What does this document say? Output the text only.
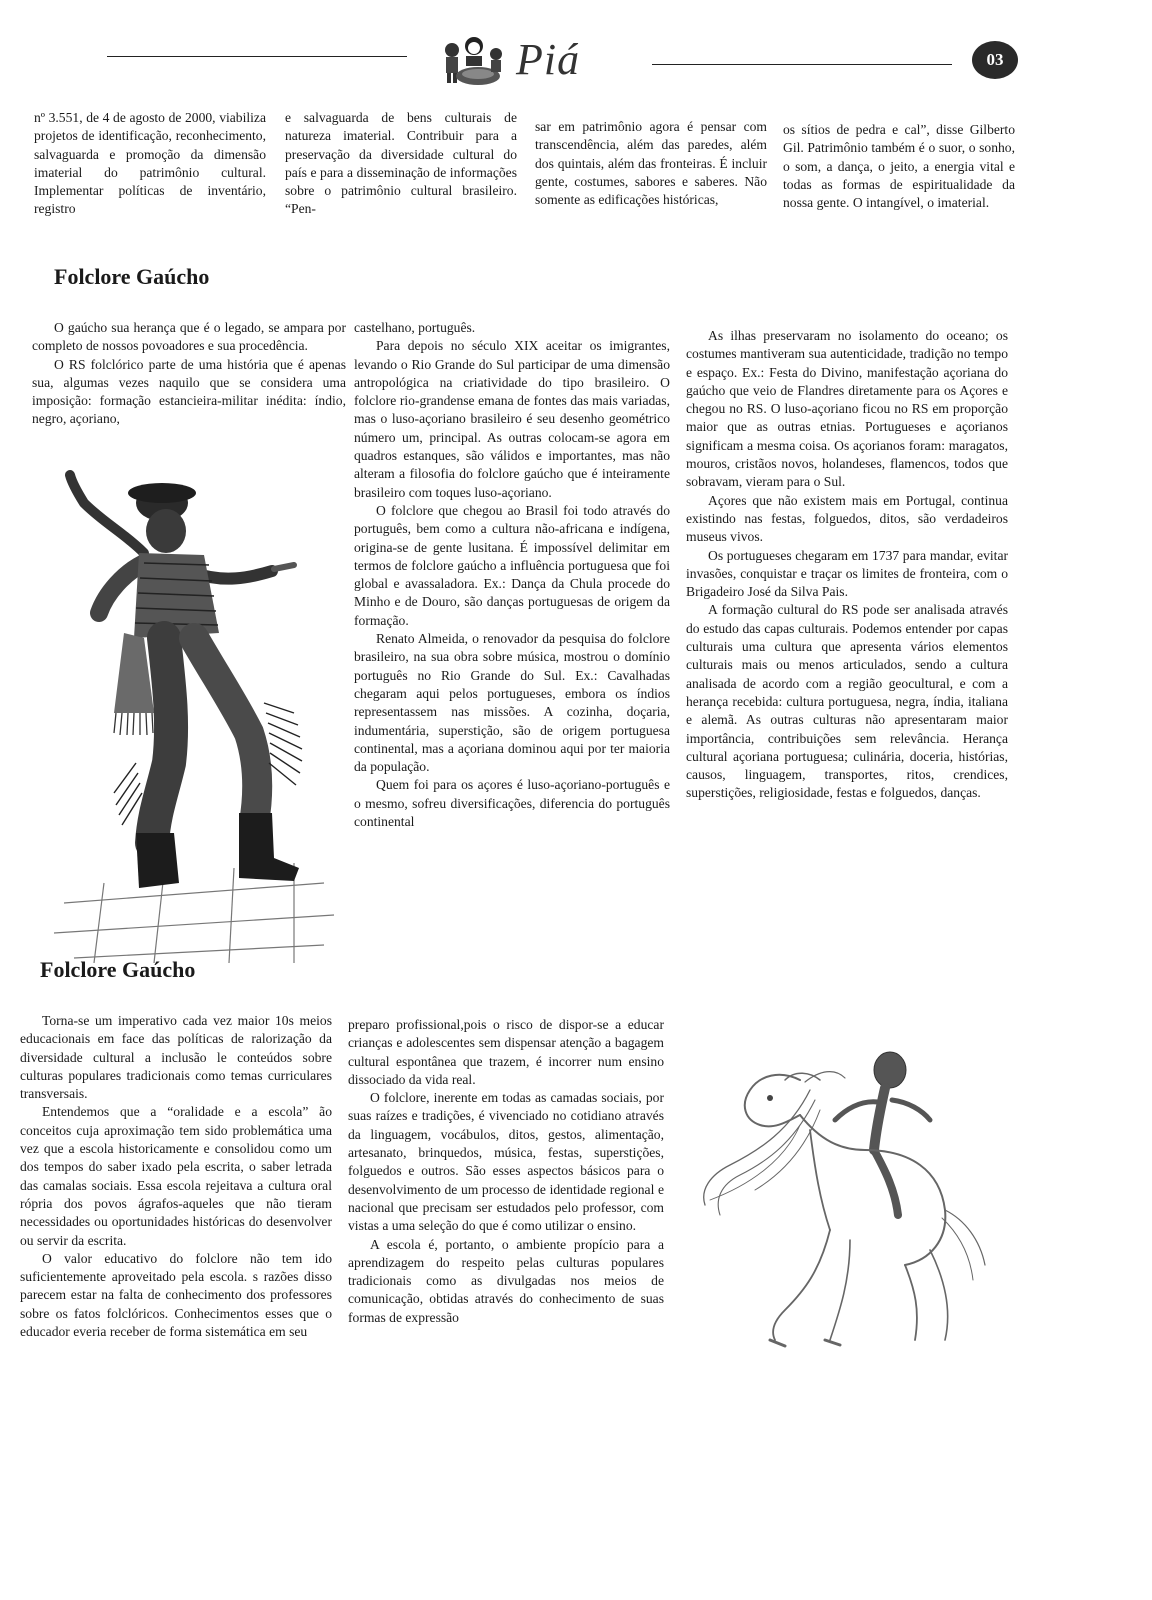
Piá	03

nº 3.551, de 4 de agosto de 2000, viabiliza projetos de identificação, reconhecimento, salvaguarda e promoção da dimensão imaterial do patrimônio cultural. Implementar políticas de inventário, registro

e salvaguarda de bens culturais de natureza imaterial. Contribuir para a preservação da diversidade cultural do país e para a disseminação de informações sobre o patrimônio cultural brasileiro. “Pen-

sar em patrimônio agora é pensar com transcendência, além das paredes, além dos quintais, além das fronteiras. É incluir gente, costumes, sabores e saberes. Não somente as edificações históricas,

os sítios de pedra e cal”, disse Gilberto Gil. Patrimônio também é o suor, o sonho, o som, a dança, o jeito, a energia vital e todas as formas de espiritualidade da nossa gente. O intangível, o imaterial.

Folclore Gaúcho

O gaúcho sua herança que é o legado, se ampara por completo de nossos povoadores e sua procedência.

O RS folclórico parte de uma história que é apenas sua, algumas vezes naquilo que se considera uma imposição: formação estancieira-militar inédita: índio, negro, açoriano,

castelhano, português.

Para depois no século XIX aceitar os imigrantes, levando o Rio Grande do Sul participar de uma dimensão antropológica na criatividade do tipo brasileiro. O folclore rio-grandense emana de fontes das mais variadas, mas o luso-açoriano brasileiro é seu desenho geométrico número um, principal. As outras colocam-se agora em quadros estanques, são válidos e importantes, mas não alteram a filosofia do folclore gaúcho que é inteiramente brasileiro com toques luso-açoriano.

O folclore que chegou ao Brasil foi todo através do português, bem como a cultura não-africana e indígena, origina-se de gente lusitana. É impossível delimitar em termos de folclore gaúcho a influência portuguesa que foi global e avassaladora. Ex.: Dança da Chula procede do Minho e de Douro, são danças portuguesas de origem da formação.

Renato Almeida, o renovador da pesquisa do folclore brasileiro, na sua obra sobre música, mostrou o domínio português no Rio Grande do Sul. Ex.: Cavalhadas chegaram aqui pelos portugueses, embora os índios representassem nas missões. A cozinha, doçaria, indumentária, superstição, são de origem portuguesa continental, mas a açoriana dominou aqui por ter maioria da população.

Quem foi para os açores é luso-açoriano-português e o mesmo, sofreu diversificações, diferencia do português continental

As ilhas preservaram no isolamento do oceano; os costumes mantiveram sua autenticidade, tradição no tempo e espaço. Ex.: Festa do Divino, manifestação açoriana do gaúcho que veio de Flandres diretamente para os Açores e chegou no RS. O luso-açoriano ficou no RS em proporção maior que as outras etnias. Portugueses e açorianos significam a mesma coisa. Os açorianos foram: maragatos, mouros, cristãos novos, holandeses, flamencos, todos que sobravam, vieram para o Sul.

Açores que não existem mais em Portugal, continua existindo nas festas, folguedos, ditos, são verdadeiros museus vivos.

Os portugueses chegaram em 1737 para mandar, evitar invasões, conquistar e traçar os limites de fronteira, com o Brigadeiro José da Silva Pais.

A formação cultural do RS pode ser analisada através do estudo das capas culturais. Podemos entender por capas culturais uma cultura que apresenta vários elementos culturais mais ou menos articulados, sendo a cultura analisada de acordo com a região geocultural, e com a herança recebida: cultura portuguesa, negra, índia, italiana e alemã. As outras culturas não apresentaram maior importância, contribuições sem relevância. Herança cultural açoriana portuguesa; culinária, doceria, histórias, causos, linguagem, transportes, ritos, crendices, superstições, religiosidade, festas e folguedos, danças.

Folclore Gaúcho

Torna-se um imperativo cada vez maior 10s meios educacionais em face das políticas de ralorização da diversidade cultural a inclusão le conteúdos sobre culturas populares tradicionais como temas curriculares transversais.

Entendemos que a “oralidade e a escola” ão conceitos cuja aproximação tem sido problemática uma vez que a escola historicamente e consolidou como um dos tempos do saber ixado pela escrita, o saber letrada das camalas sociais. Essa escola rejeitava a cultura oral rópria dos povos ágrafos-aqueles que não tieram necessidades ou oportunidades históricas do desenvolver ou servir da escrita.

O valor educativo do folclore não tem ido suficientemente aproveitado pela escola. s razões disso parecem estar na falta de conhecimento dos professores sobre os fatos folclóricos. Conhecimentos esses que o educador everia receber de forma sistemática em seu

preparo profissional,pois o risco de dispor-se a educar crianças e adolescentes sem dispensar atenção a bagagem cultural espontânea que trazem, é incorrer num ensino dissociado da vida real.

O folclore, inerente em todas as camadas sociais, por suas raízes e tradições, é vivenciado no cotidiano através da linguagem, vocábulos, ditos, gestos, alimentação, artesanato, brinquedos, música, festas, superstições, folguedos e outros. São esses aspectos básicos para o desenvolvimento de um processo de identidade regional e nacional que precisam ser estudados pelo professor, com vistas a uma seleção do que é como utilizar o ensino.

A escola é, portanto, o ambiente propício para a aprendizagem do respeito pelas culturas populares tradicionais como as divulgadas nos meios de comunicação, obtidas através do conhecimento de suas formas de expressão
